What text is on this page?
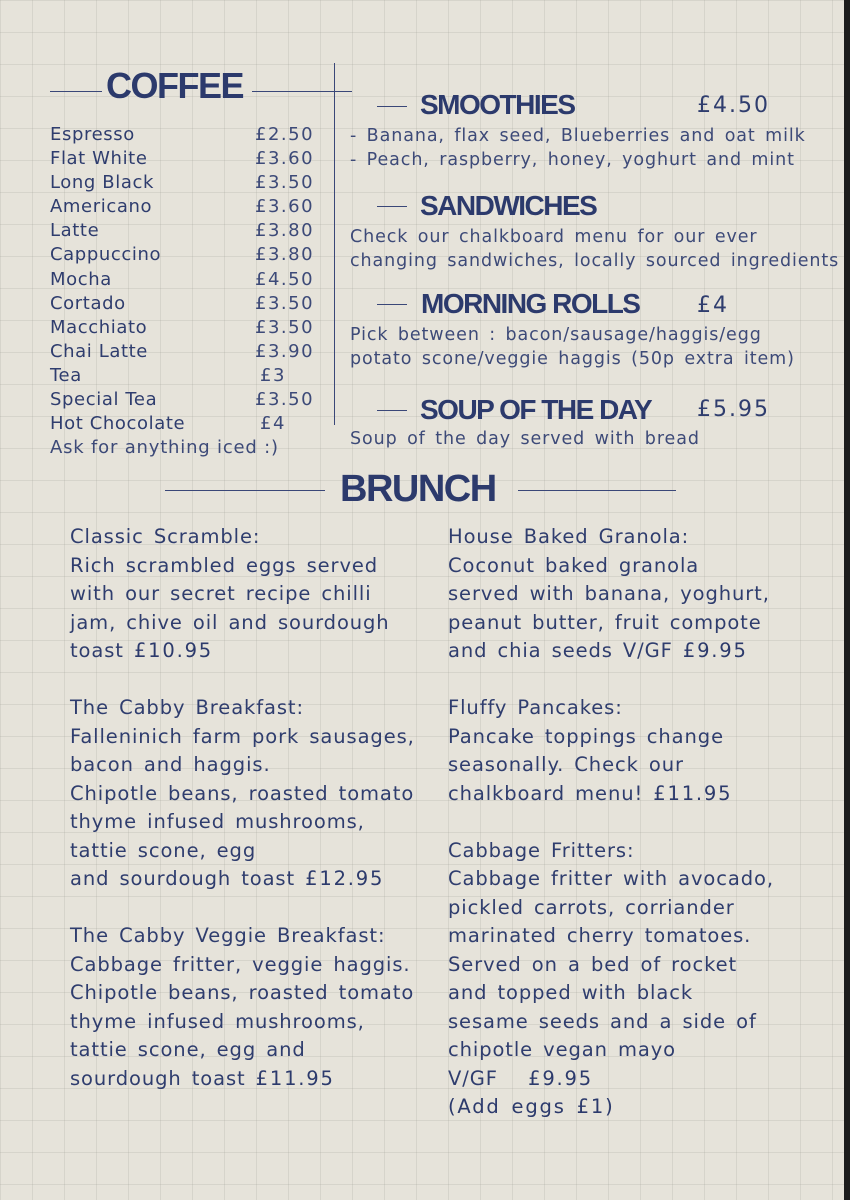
COFFEE
Espresso	£2.50
Flat White	£3.60
Long Black	£3.50
Americano	£3.60
Latte	£3.80
Cappuccino	£3.80
Mocha	£4.50
Cortado	£3.50
Macchiato	£3.50
Chai Latte	£3.90
Tea	£3
Special Tea	£3.50
Hot Chocolate	£4
Ask for anything iced :)
SMOOTHIES	£4.50
- Banana, flax seed, Blueberries and oat milk
- Peach, raspberry, honey, yoghurt and mint
SANDWICHES
Check our chalkboard menu for our ever
changing sandwiches, locally sourced ingredients
MORNING ROLLS	£4
Pick between : bacon/sausage/haggis/egg
potato scone/veggie haggis (50p extra item)
SOUP OF THE DAY £5.95
Soup of the day served with bread
BRUNCH
Classic Scramble:
Rich scrambled eggs served
with our secret recipe chilli
jam, chive oil and sourdough
toast £10.95
The Cabby Breakfast:
Falleninich farm pork sausages,
bacon and haggis.
Chipotle beans, roasted tomato
thyme infused mushrooms,
tattie scone, egg
and sourdough toast £12.95
The Cabby Veggie Breakfast:
Cabbage fritter, veggie haggis.
Chipotle beans, roasted tomato
thyme infused mushrooms,
tattie scone, egg and
sourdough toast £11.95
House Baked Granola:
Coconut baked granola
served with banana, yoghurt,
peanut butter, fruit compote
and chia seeds V/GF £9.95
Fluffy Pancakes:
Pancake toppings change
seasonally. Check our
chalkboard menu! £11.95
Cabbage Fritters:
Cabbage fritter with avocado,
pickled carrots, corriander
marinated cherry tomatoes.
Served on a bed of rocket
and topped with black
sesame seeds and a side of
chipotle vegan mayo
V/GF £9.95
(Add eggs £1)
